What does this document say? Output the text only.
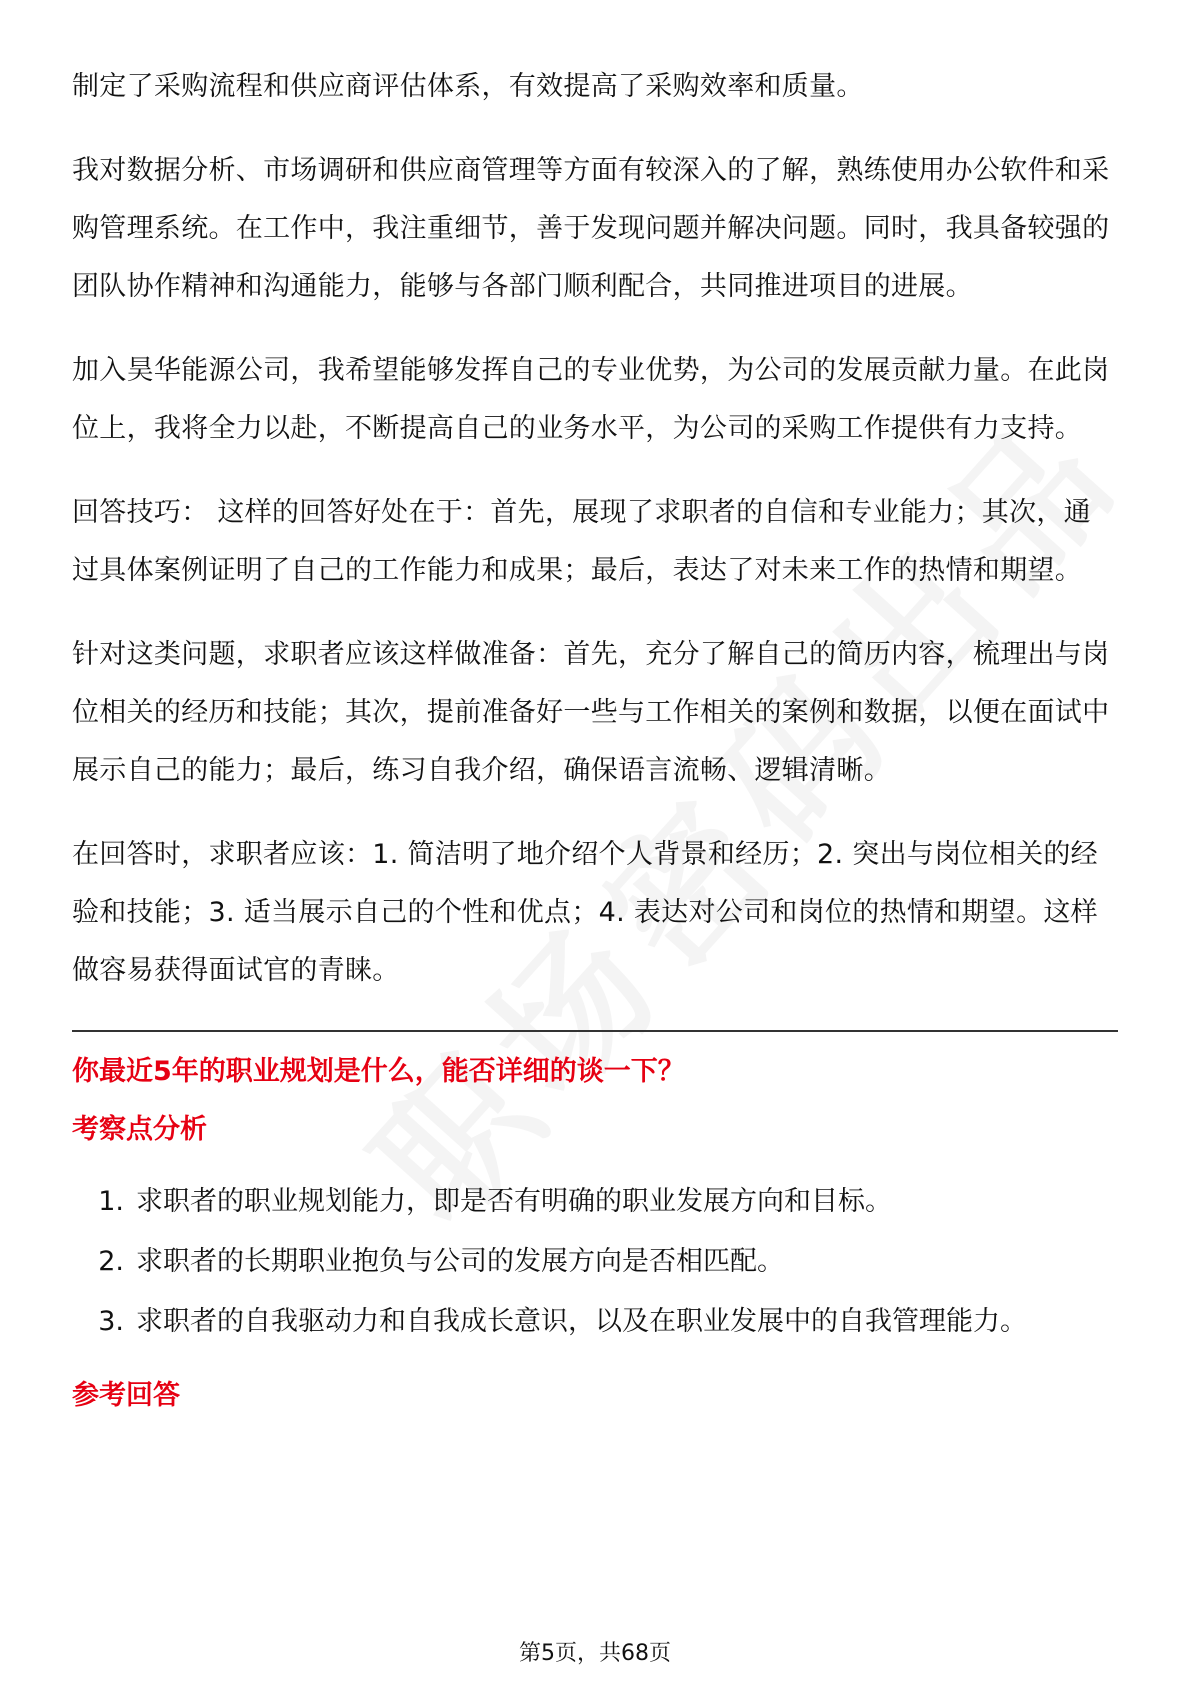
制定了采购流程和供应商评估体系，有效提高了采购效率和质量。

我对数据分析、市场调研和供应商管理等方面有较深入的了解，熟练使用办公软件和采购管理系统。在工作中，我注重细节，善于发现问题并解决问题。同时，我具备较强的团队协作精神和沟通能力，能够与各部门顺利配合，共同推进项目的进展。

加入昊华能源公司，我希望能够发挥自己的专业优势，为公司的发展贡献力量。在此岗位上，我将全力以赴，不断提高自己的业务水平，为公司的采购工作提供有力支持。

回答技巧： 这样的回答好处在于：首先，展现了求职者的自信和专业能力；其次，通过具体案例证明了自己的工作能力和成果；最后，表达了对未来工作的热情和期望。

针对这类问题，求职者应该这样做准备：首先，充分了解自己的简历内容，梳理出与岗位相关的经历和技能；其次，提前准备好一些与工作相关的案例和数据，以便在面试中展示自己的能力；最后，练习自我介绍，确保语言流畅、逻辑清晰。

在回答时，求职者应该：1. 简洁明了地介绍个人背景和经历；2. 突出与岗位相关的经验和技能；3. 适当展示自己的个性和优点；4. 表达对公司和岗位的热情和期望。这样做容易获得面试官的青睐。

你最近5年的职业规划是什么，能否详细的谈一下？
考察点分析
1. 求职者的职业规划能力，即是否有明确的职业发展方向和目标。
2. 求职者的长期职业抱负与公司的发展方向是否相匹配。
3. 求职者的自我驱动力和自我成长意识，以及在职业发展中的自我管理能力。
参考回答
第5页，共68页
